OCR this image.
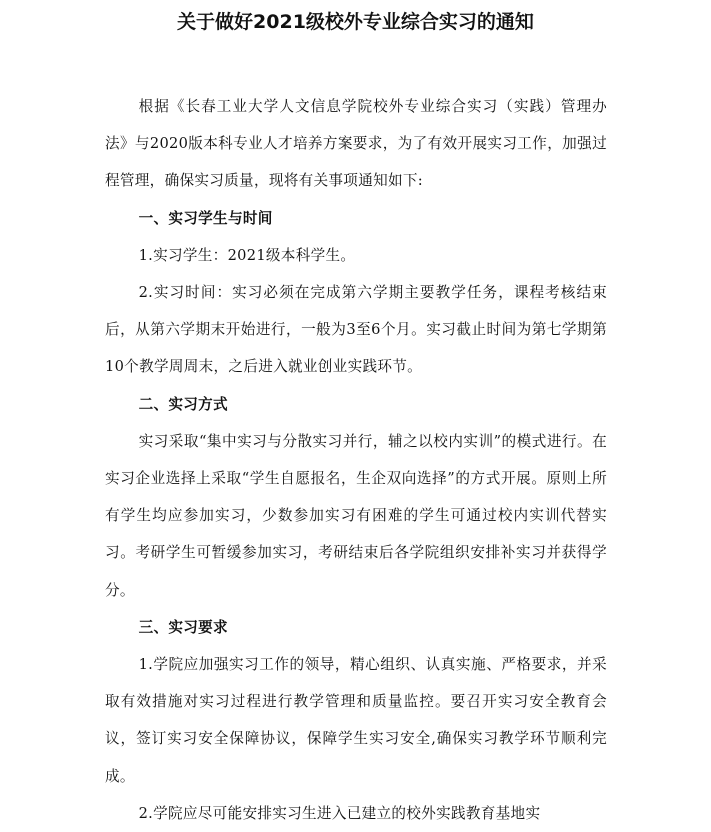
关于做好2021级校外专业综合实习的通知

根据《长春工业大学人文信息学院校外专业综合实习（实践）管理办法》与2020版本科专业人才培养方案要求，为了有效开展实习工作，加强过程管理，确保实习质量，现将有关事项通知如下:

一、实习学生与时间

1.实习学生：2021级本科学生。

2.实习时间：实习必须在完成第六学期主要教学任务，课程考核结束后，从第六学期末开始进行，一般为3至6个月。实习截止时间为第七学期第10个教学周周末，之后进入就业创业实践环节。

二、实习方式

实习采取“集中实习与分散实习并行，辅之以校内实训”的模式进行。在实习企业选择上采取“学生自愿报名，生企双向选择”的方式开展。原则上所有学生均应参加实习，少数参加实习有困难的学生可通过校内实训代替实习。考研学生可暂缓参加实习，考研结束后各学院组织安排补实习并获得学分。

三、实习要求

1.学院应加强实习工作的领导，精心组织、认真实施、严格要求，并采取有效措施对实习过程进行教学管理和质量监控。要召开实习安全教育会议，签订实习安全保障协议，保障学生实习安全,确保实习教学环节顺利完成。

2.学院应尽可能安排实习生进入已建立的校外实践教育基地实
